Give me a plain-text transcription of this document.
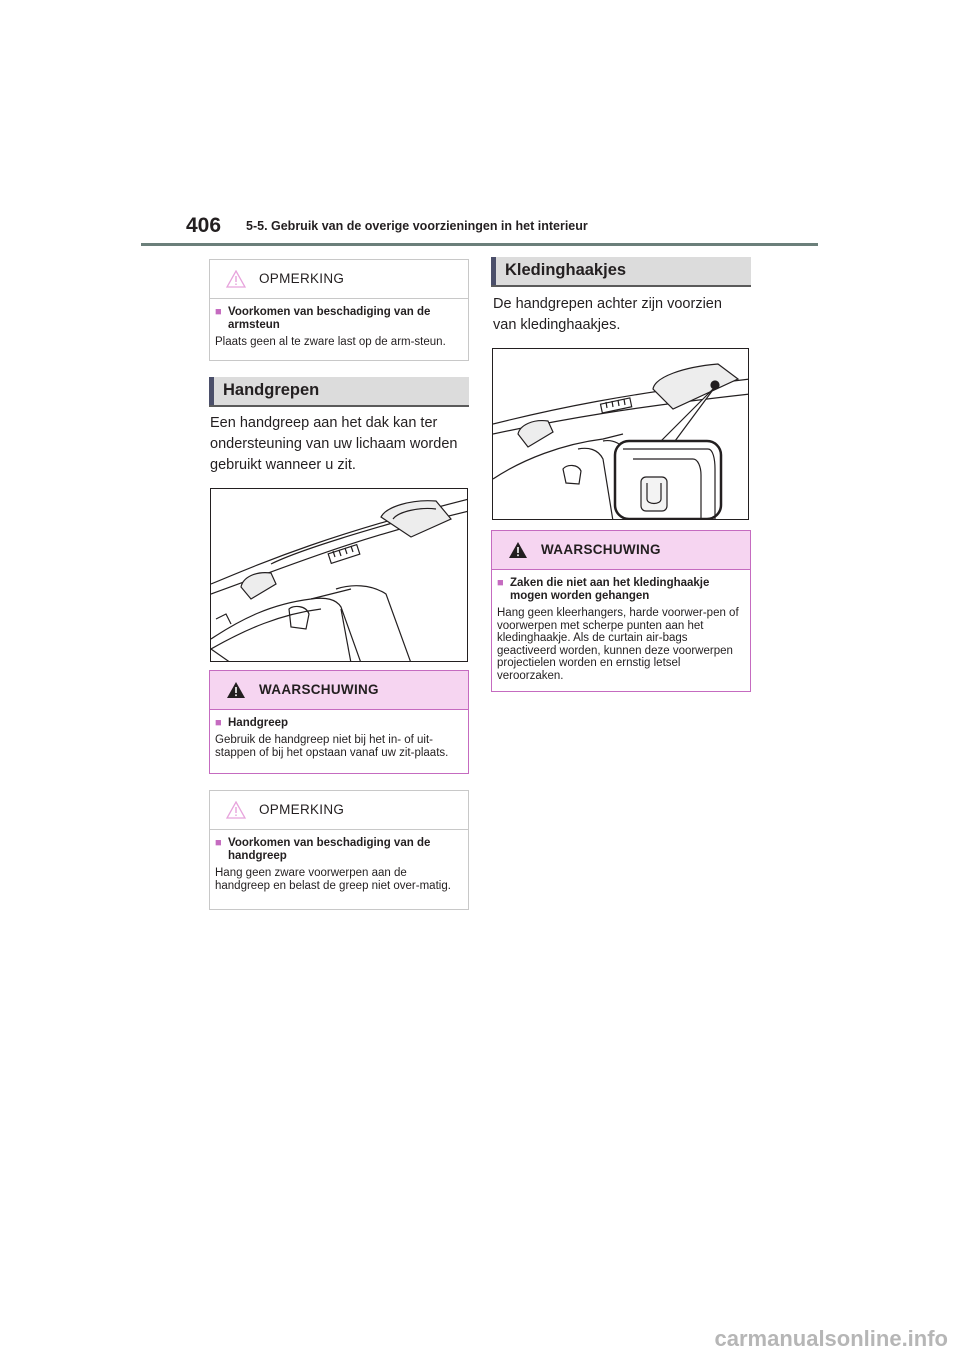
406 5-5. Gebruik van de overige voorzieningen in het interieur
OPMERKING
■ Voorkomen van beschadiging van de armsteun
Plaats geen al te zware last op de arm-steun.
Handgrepen
Een handgreep aan het dak kan ter ondersteuning van uw lichaam worden gebruikt wanneer u zit.
WAARSCHUWING
■ Handgreep
Gebruik de handgreep niet bij het in- of uit-stappen of bij het opstaan vanaf uw zit-plaats.
OPMERKING
■ Voorkomen van beschadiging van de handgreep
Hang geen zware voorwerpen aan de handgreep en belast de greep niet over-matig.
Kledinghaakjes
De handgrepen achter zijn voorzien van kledinghaakjes.
WAARSCHUWING
■ Zaken die niet aan het kledinghaakje mogen worden gehangen
Hang geen kleerhangers, harde voorwer-pen of voorwerpen met scherpe punten aan het kledinghaakje. Als de curtain air-bags geactiveerd worden, kunnen deze voorwerpen projectielen worden en ernstig letsel veroorzaken.
carmanualsonline.info
